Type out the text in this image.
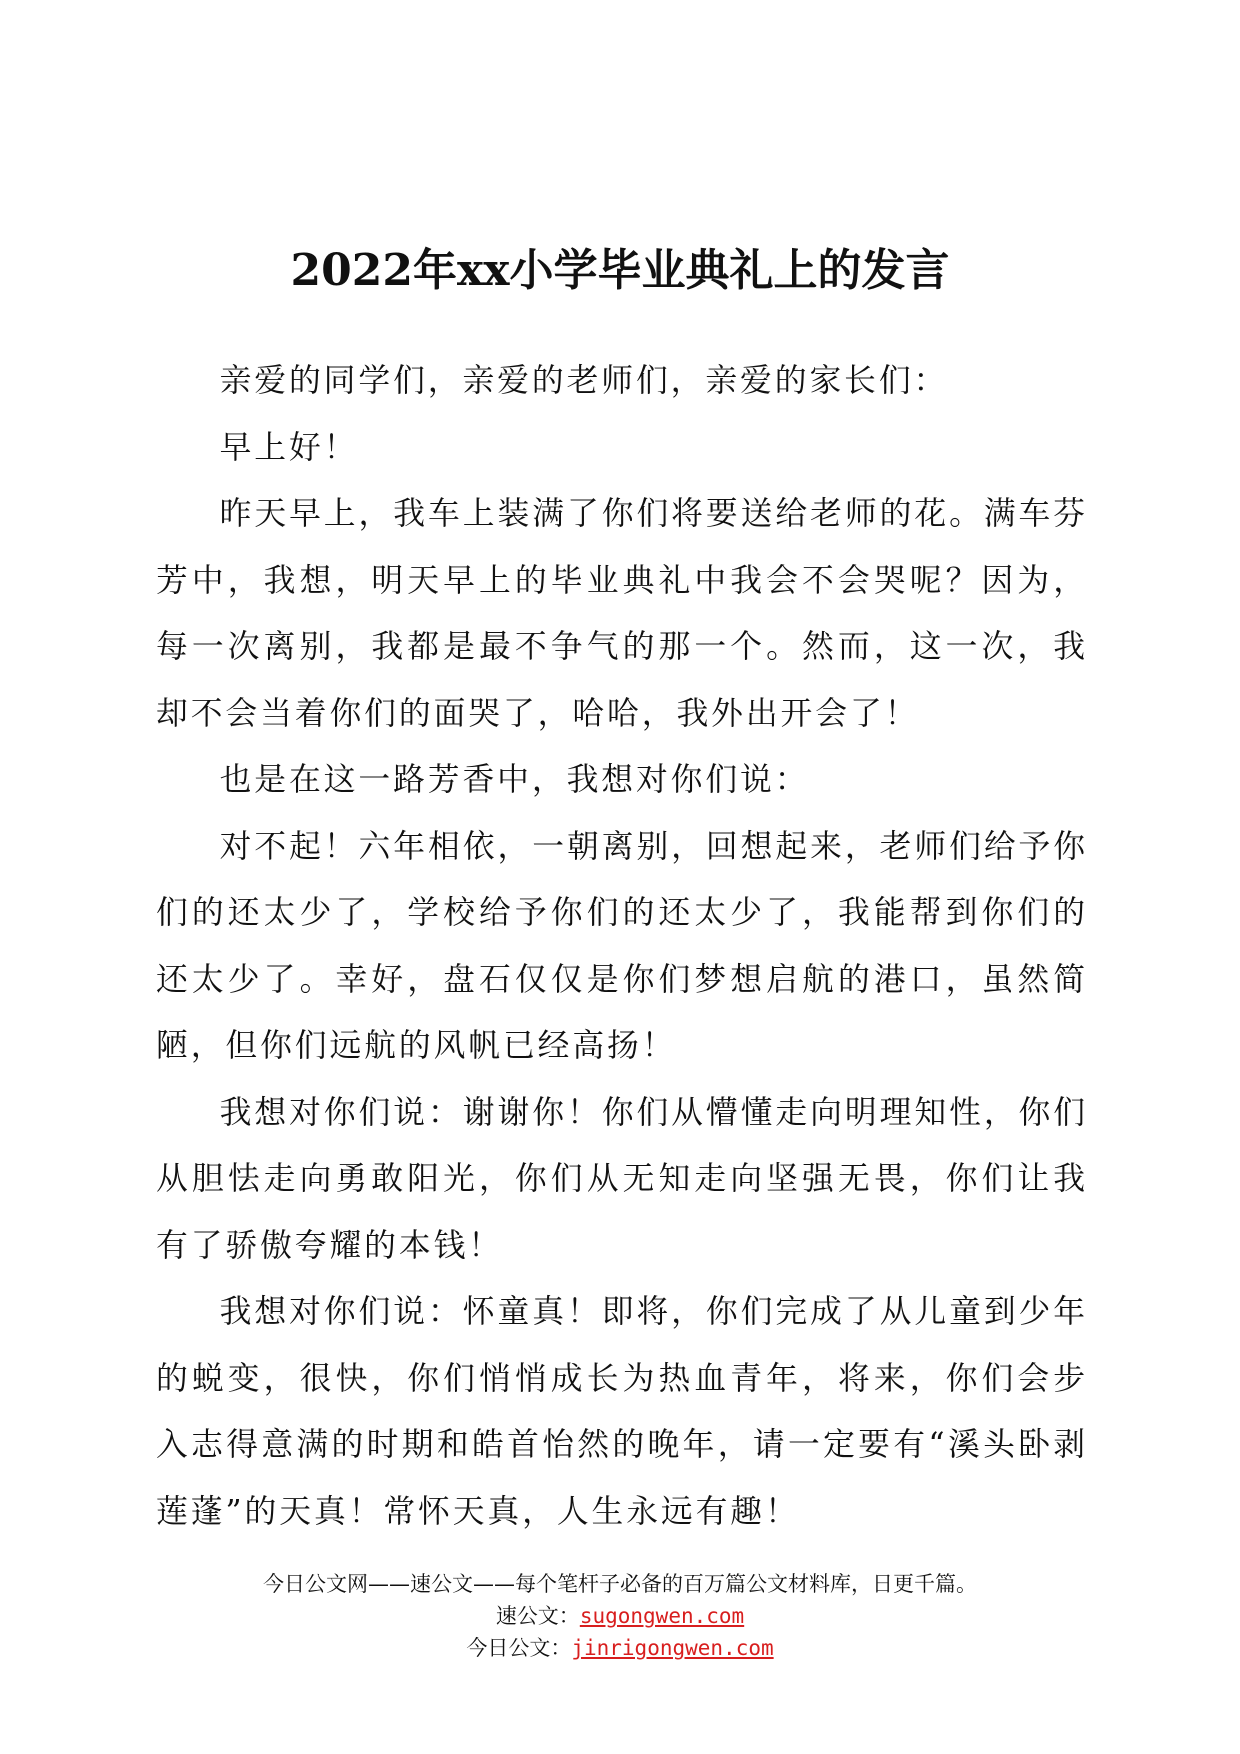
2022年xx小学毕业典礼上的发言

亲爱的同学们，亲爱的老师们，亲爱的家长们：

早上好！

昨天早上，我车上装满了你们将要送给老师的花。满车芬芳中，我想，明天早上的毕业典礼中我会不会哭呢？因为，每一次离别，我都是最不争气的那一个。然而，这一次，我却不会当着你们的面哭了，哈哈，我外出开会了！

也是在这一路芳香中，我想对你们说：

对不起！六年相依，一朝离别，回想起来，老师们给予你们的还太少了，学校给予你们的还太少了，我能帮到你们的还太少了。幸好，盘石仅仅是你们梦想启航的港口，虽然简陋，但你们远航的风帆已经高扬！

我想对你们说：谢谢你！你们从懵懂走向明理知性，你们从胆怯走向勇敢阳光，你们从无知走向坚强无畏，你们让我有了骄傲夸耀的本钱！

我想对你们说：怀童真！即将，你们完成了从儿童到少年的蜕变，很快，你们悄悄成长为热血青年，将来，你们会步入志得意满的时期和皓首怡然的晚年，请一定要有“溪头卧剥莲蓬”的天真！常怀天真，人生永远有趣！

今日公文网——速公文——每个笔杆子必备的百万篇公文材料库，日更千篇。

速公文：sugongwen.com

今日公文：jinrigongwen.com
